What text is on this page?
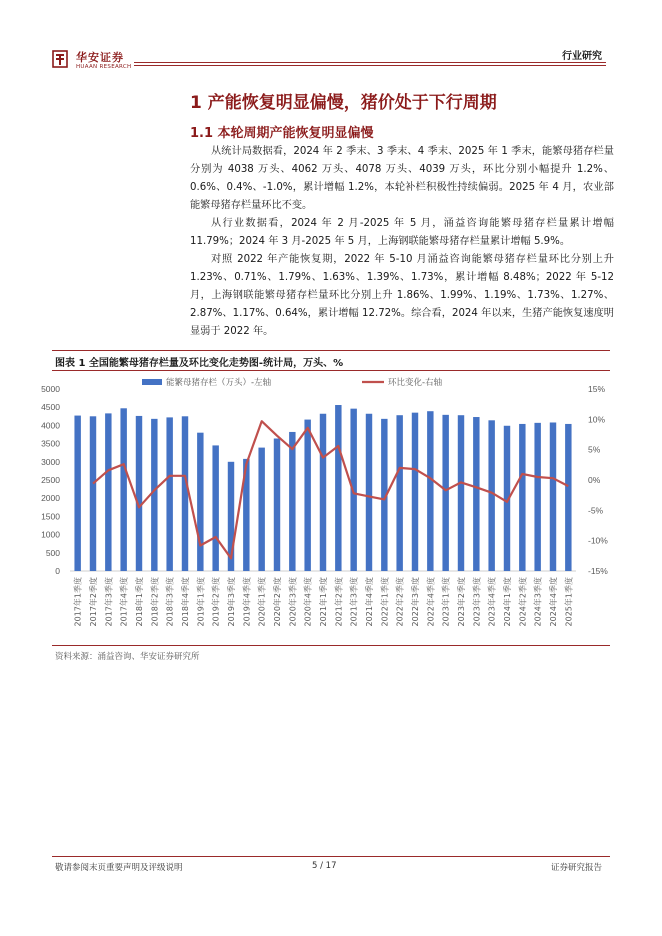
华安证券
HUAAN RESEARCH
行业研究
1 产能恢复明显偏慢，猪价处于下行周期
1.1 本轮周期产能恢复明显偏慢

从统计局数据看，2024 年 2 季末、3 季末、4 季末、2025 年 1 季末，能繁母猪存栏量分别为 4038 万头、4062 万头、4078 万头、4039 万头，环比分别小幅提升 1.2%、0.6%、0.4%、-1.0%，累计增幅 1.2%，本轮补栏积极性持续偏弱。2025 年 4 月，农业部能繁母猪存栏量环比不变。

从行业数据看，2024 年 2 月-2025 年 5 月，涌益咨询能繁母猪存栏量累计增幅 11.79%；2024 年 3 月-2025 年 5 月，上海钢联能繁母猪存栏量累计增幅 5.9%。

对照 2022 年产能恢复期，2022 年 5-10 月涌益咨询能繁母猪存栏量环比分别上升 1.23%、0.71%、1.79%、1.63%、1.39%、1.73%，累计增幅 8.48%；2022 年 5-12 月，上海钢联能繁母猪存栏量环比分别上升 1.86%、1.99%、1.19%、1.73%、1.27%、2.87%、1.17%、0.64%，累计增幅 12.72%。综合看，2024 年以来，生猪产能恢复速度明显弱于 2022 年。

图表 1 全国能繁母猪存栏量及环比变化走势图-统计局，万头、%
0
500
1000
1500
2000
2500
3000
3500
4000
4500
5000
-15%
-10%
-5%
0%
5%
10%
15%
2017年1季度 2017年2季度 2017年3季度 2017年4季度 2018年1季度 2018年2季度 2018年3季度 2018年4季度 2019年1季度 2019年2季度 2019年3季度 2019年4季度 2020年1季度 2020年2季度 2020年3季度 2020年4季度 2021年1季度 2021年2季度 2021年3季度 2021年4季度 2022年1季度 2022年2季度 2022年3季度 2022年4季度 2023年1季度 2023年2季度 2023年3季度 2023年4季度 2024年1季度 2024年2季度 2024年3季度 2024年4季度 2025年1季度
能繁母猪存栏（万头）-左轴	环比变化-右轴
资料来源：涌益咨询、华安证券研究所
敬请参阅末页重要声明及评级说明	5 / 17	证券研究报告
